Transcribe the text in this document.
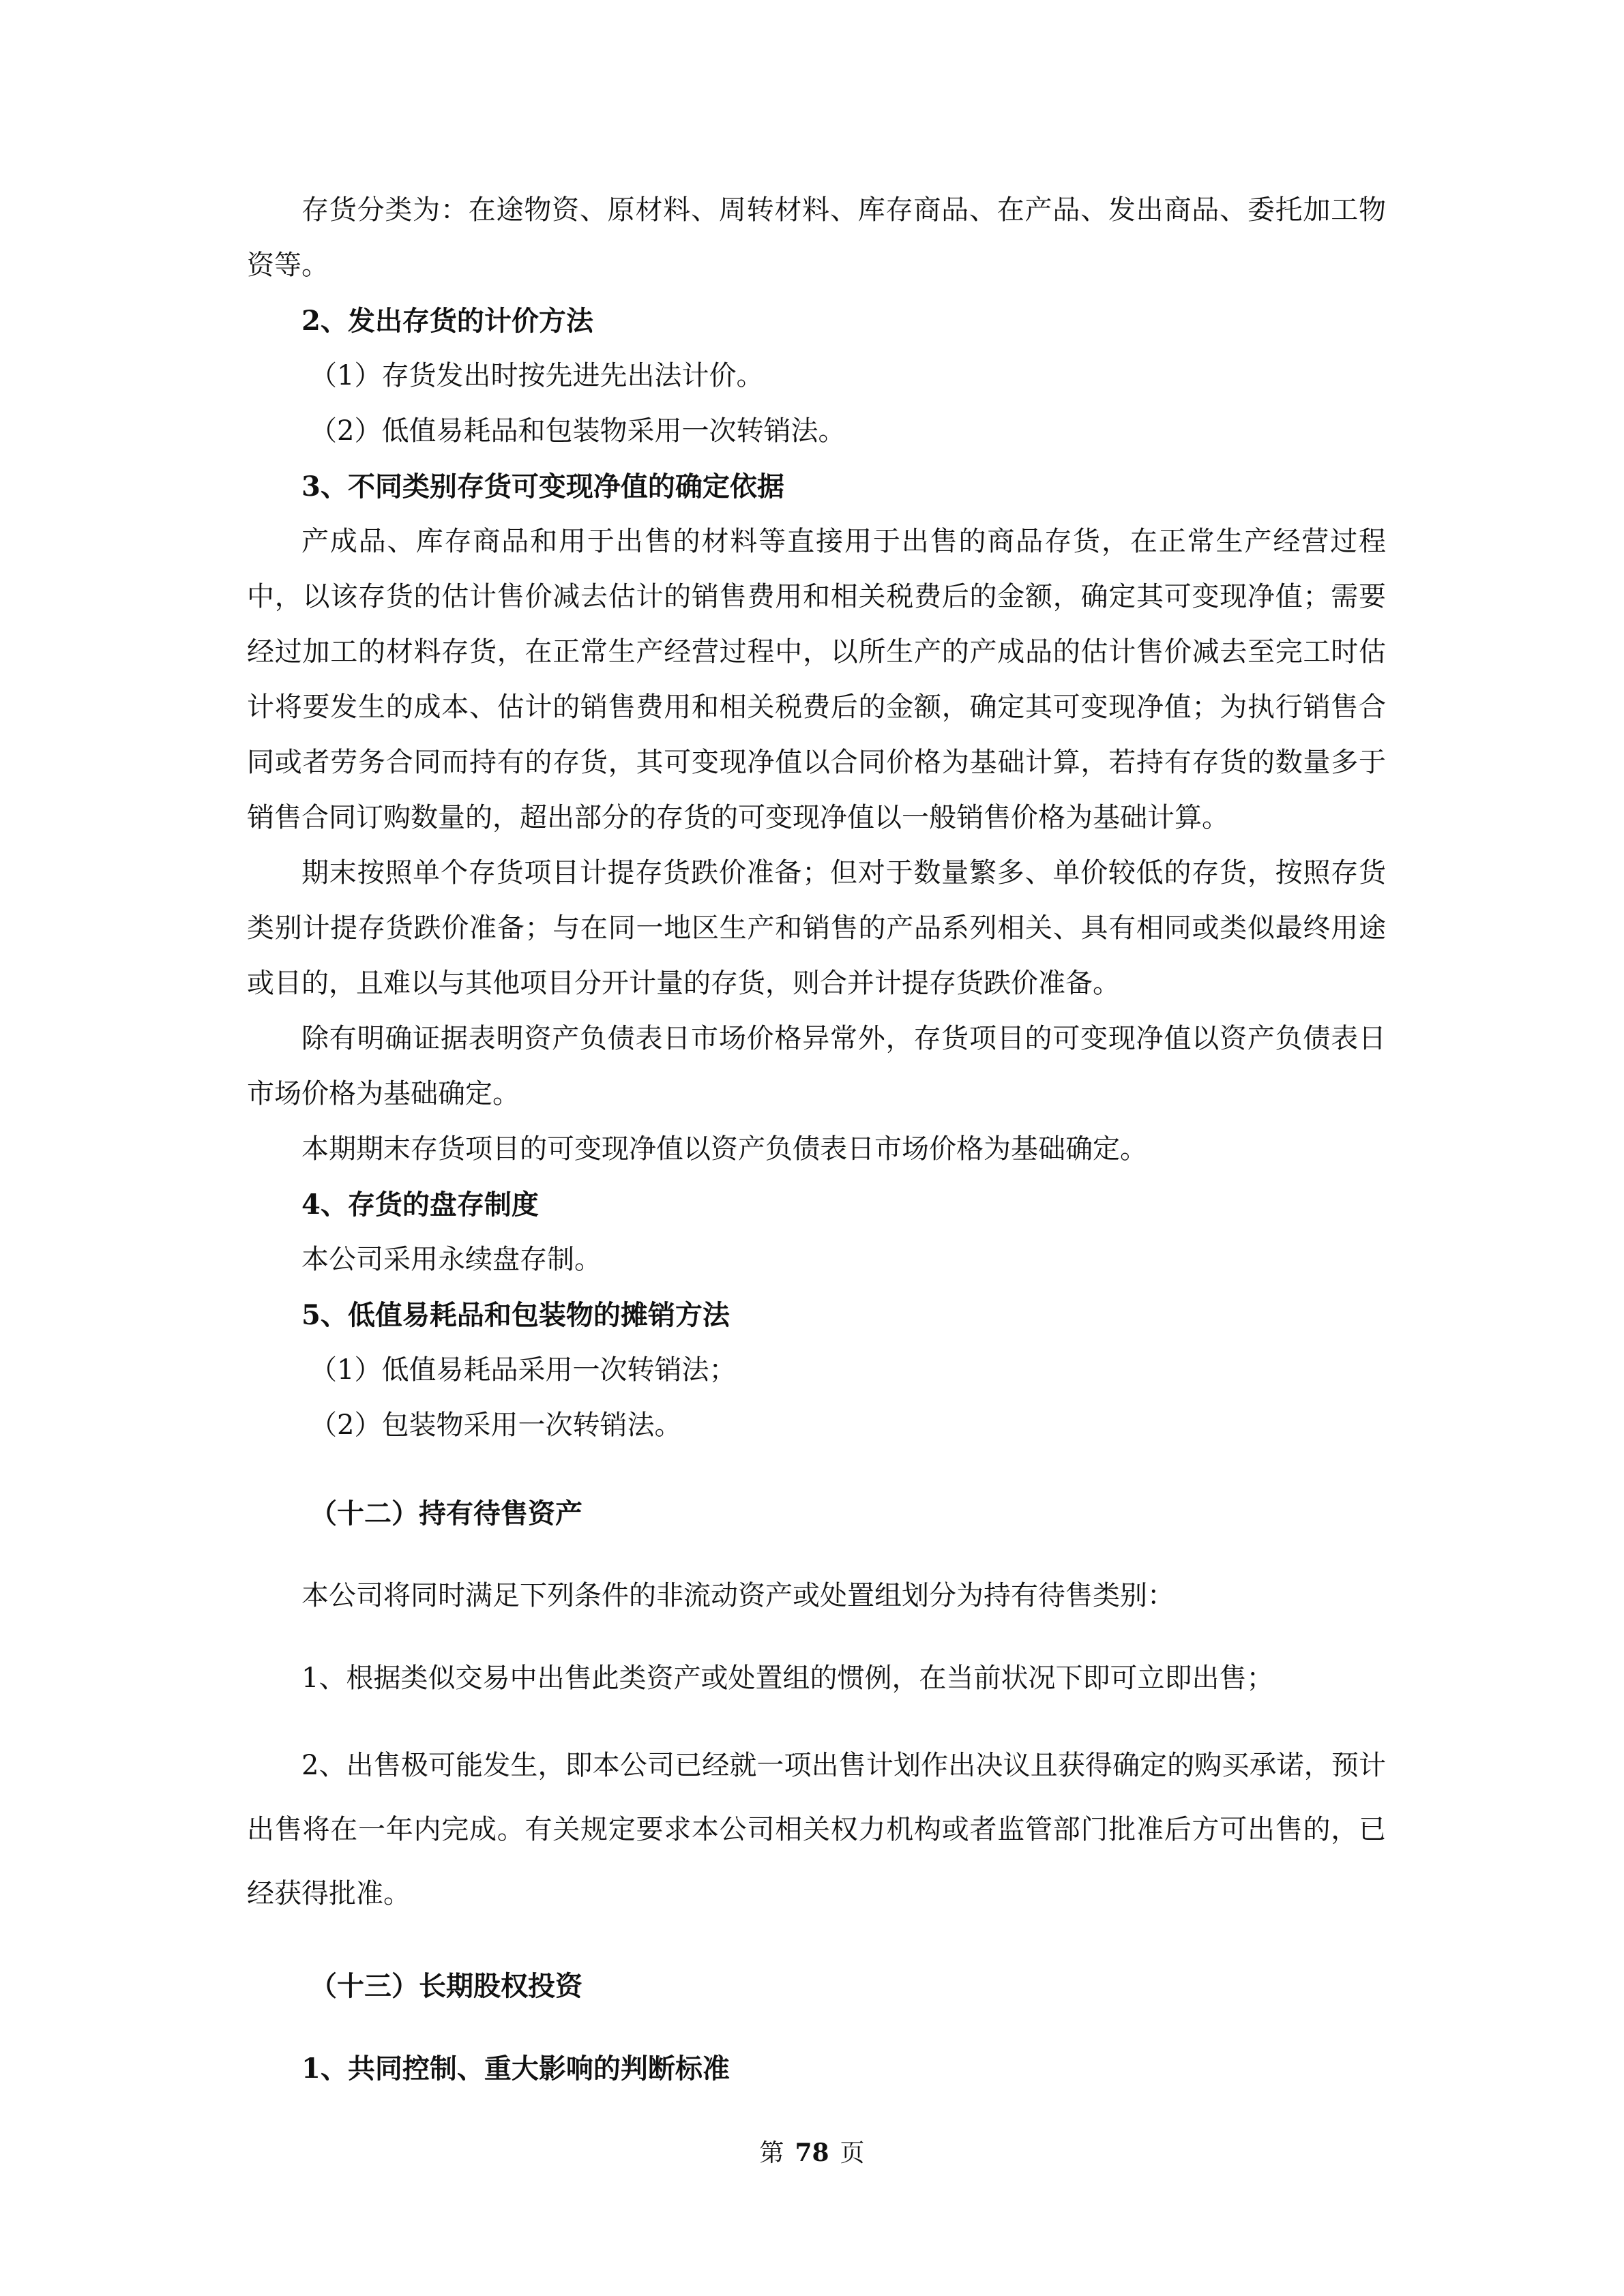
存货分类为：在途物资、原材料、周转材料、库存商品、在产品、发出商品、委托加工物资等。

2、发出存货的计价方法

（1）存货发出时按先进先出法计价。

（2）低值易耗品和包装物采用一次转销法。

3、不同类别存货可变现净值的确定依据

产成品、库存商品和用于出售的材料等直接用于出售的商品存货，在正常生产经营过程中，以该存货的估计售价减去估计的销售费用和相关税费后的金额，确定其可变现净值；需要经过加工的材料存货，在正常生产经营过程中，以所生产的产成品的估计售价减去至完工时估计将要发生的成本、估计的销售费用和相关税费后的金额，确定其可变现净值；为执行销售合同或者劳务合同而持有的存货，其可变现净值以合同价格为基础计算，若持有存货的数量多于销售合同订购数量的，超出部分的存货的可变现净值以一般销售价格为基础计算。

期末按照单个存货项目计提存货跌价准备；但对于数量繁多、单价较低的存货，按照存货类别计提存货跌价准备；与在同一地区生产和销售的产品系列相关、具有相同或类似最终用途或目的，且难以与其他项目分开计量的存货，则合并计提存货跌价准备。

除有明确证据表明资产负债表日市场价格异常外，存货项目的可变现净值以资产负债表日市场价格为基础确定。

本期期末存货项目的可变现净值以资产负债表日市场价格为基础确定。

4、存货的盘存制度

本公司采用永续盘存制。

5、低值易耗品和包装物的摊销方法

（1）低值易耗品采用一次转销法；

（2）包装物采用一次转销法。

（十二）持有待售资产

本公司将同时满足下列条件的非流动资产或处置组划分为持有待售类别：

1、根据类似交易中出售此类资产或处置组的惯例，在当前状况下即可立即出售；

2、出售极可能发生，即本公司已经就一项出售计划作出决议且获得确定的购买承诺，预计出售将在一年内完成。有关规定要求本公司相关权力机构或者监管部门批准后方可出售的，已经获得批准。

（十三）长期股权投资

1、共同控制、重大影响的判断标准

第 78 页
